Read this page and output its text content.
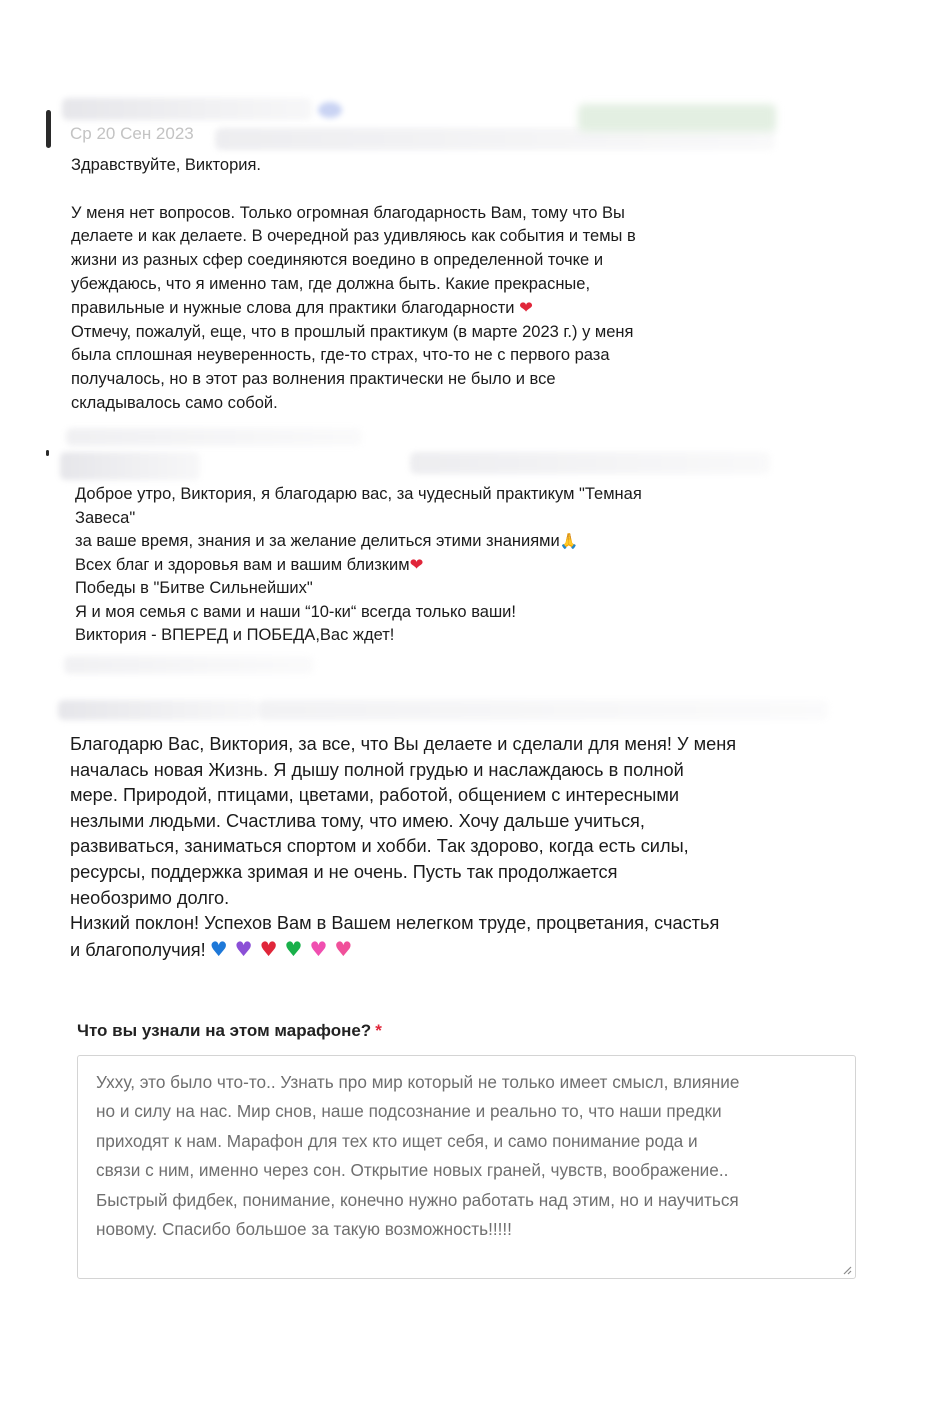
Ср 20 Сен 2023

Здравствуйте, Виктория.

У меня нет вопросов. Только огромная благодарность Вам, тому что Вы
делаете и как делаете. В очередной раз удивляюсь как события и темы в
жизни из разных сфер соединяются воедино в определенной точке и
убеждаюсь, что я именно там, где должна быть. Какие прекрасные,
правильные и нужные слова для практики благодарности ❤
Отмечу, пожалуй, еще, что в прошлый практикум (в марте 2023 г.) у меня
была сплошная неуверенность, где-то страх, что-то не с первого раза
получалось, но в этот раз волнения практически не было и все
складывалось само собой.

Доброе утро, Виктория, я благодарю вас, за чудесный практикум "Темная
Завеса"
за ваше время, знания и за желание делиться этими знаниями🙏
Всех благ и здоровья вам и вашим близким❤
Победы в "Битве Сильнейших"
Я и моя семья с вами и наши “10-ки“ всегда только ваши!
Виктория - ВПЕРЕД и ПОБЕДА,Вас ждет!

Благодарю Вас, Виктория, за все, что Вы делаете и сделали для меня! У меня
началась новая Жизнь. Я дышу полной грудью и наслаждаюсь в полной
мере. Природой, птицами, цветами, работой, общением с интересными
незлыми людьми. Счастлива тому, что имею. Хочу дальше учиться,
развиваться, заниматься спортом и хобби. Так здорово, когда есть силы,
ресурсы, поддержка зримая и не очень. Пусть так продолжается
необозримо долго.
Низкий поклон! Успехов Вам в Вашем нелегком труде, процветания, счастья
и благополучия! ♥ ♥ ♥ ♥ ♥ ♥

Что вы узнали на этом марафоне? *

Ухху, это было что-то.. Узнать про мир который не только имеет смысл, влияние
но и силу на нас. Мир снов, наше подсознание и реально то, что наши предки
приходят к нам. Марафон для тех кто ищет себя, и само понимание рода и
связи с ним, именно через сон. Открытие новых граней, чувств, воображение..
Быстрый фидбек, понимание, конечно нужно работать над этим, но и научиться
новому. Спасибо большое за такую возможность!!!!!
